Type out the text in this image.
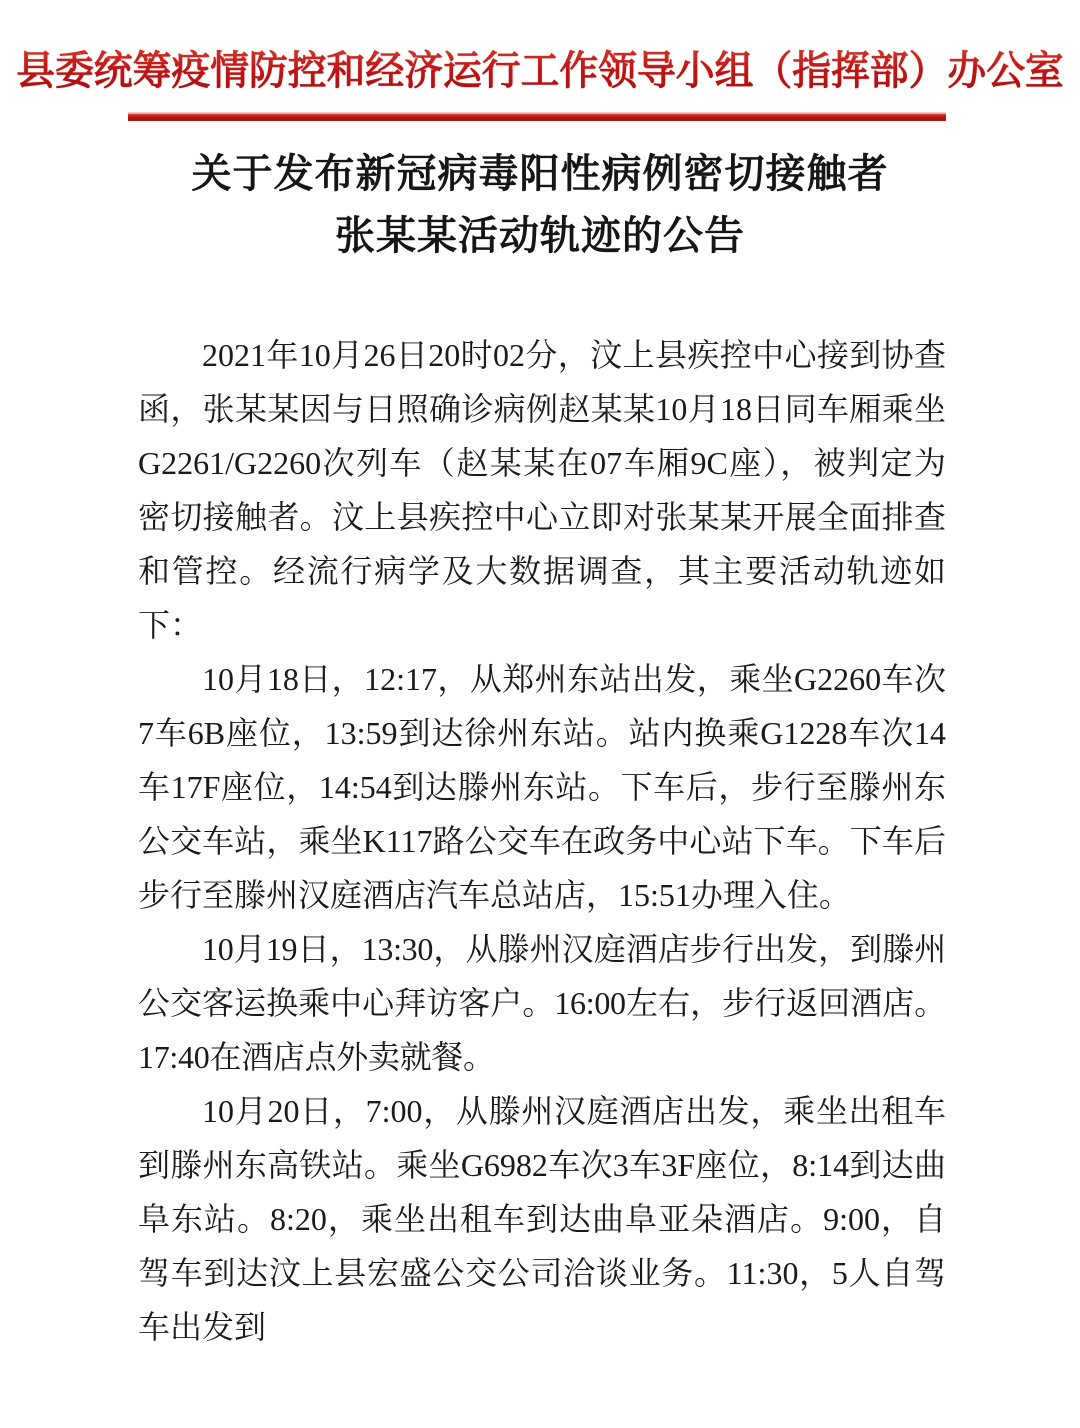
县委统筹疫情防控和经济运行工作领导小组（指挥部）办公室
关于发布新冠病毒阳性病例密切接触者
张某某活动轨迹的公告

2021年10月26日20时02分，汶上县疾控中心接到协查函，张某某因与日照确诊病例赵某某10月18日同车厢乘坐G2261/G2260次列车（赵某某在07车厢9C座），被判定为密切接触者。汶上县疾控中心立即对张某某开展全面排查和管控。经流行病学及大数据调查，其主要活动轨迹如下：

10月18日，12:17，从郑州东站出发，乘坐G2260车次7车6B座位，13:59到达徐州东站。站内换乘G1228车次14车17F座位，14:54到达滕州东站。下车后，步行至滕州东公交车站，乘坐K117路公交车在政务中心站下车。下车后步行至滕州汉庭酒店汽车总站店，15:51办理入住。

10月19日，13:30，从滕州汉庭酒店步行出发，到滕州公交客运换乘中心拜访客户。16:00左右，步行返回酒店。17:40在酒店点外卖就餐。

10月20日，7:00，从滕州汉庭酒店出发，乘坐出租车到滕州东高铁站。乘坐G6982车次3车3F座位，8:14到达曲阜东站。8:20，乘坐出租车到达曲阜亚朵酒店。9:00，自驾车到达汶上县宏盛公交公司洽谈业务。11:30，5人自驾车出发到
